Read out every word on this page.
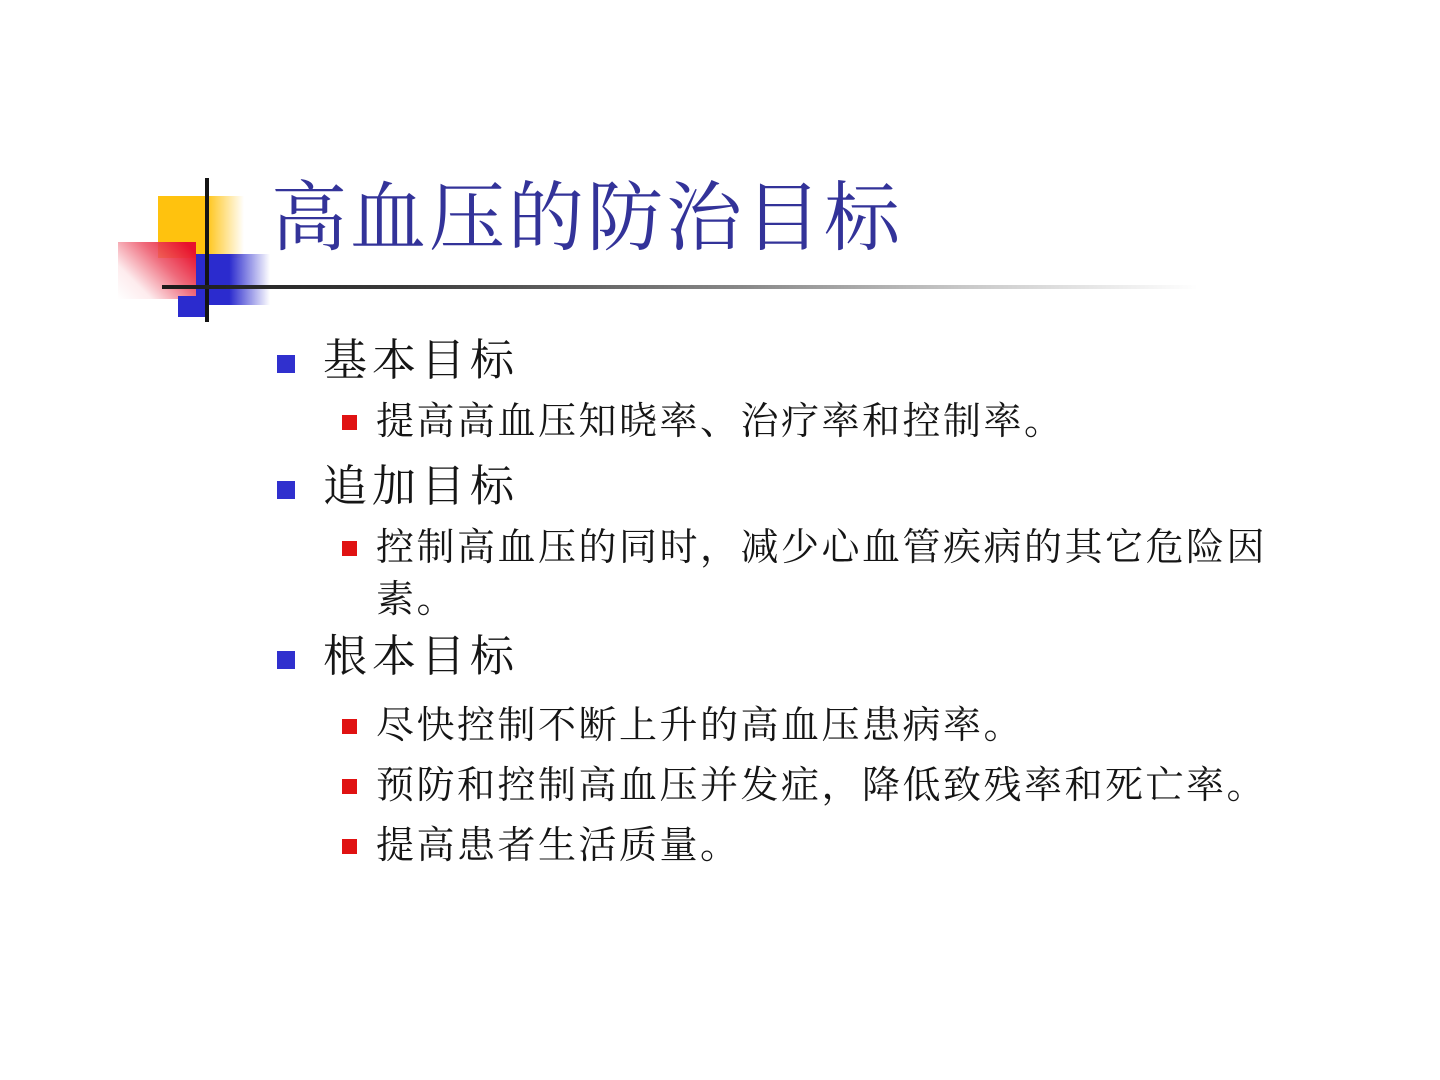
高血压的防治目标
基本目标
提高高血压知晓率、治疗率和控制率。
追加目标
控制高血压的同时，减少心血管疾病的其它危险因素。
根本目标
尽快控制不断上升的高血压患病率。
预防和控制高血压并发症，降低致残率和死亡率。
提高患者生活质量。
